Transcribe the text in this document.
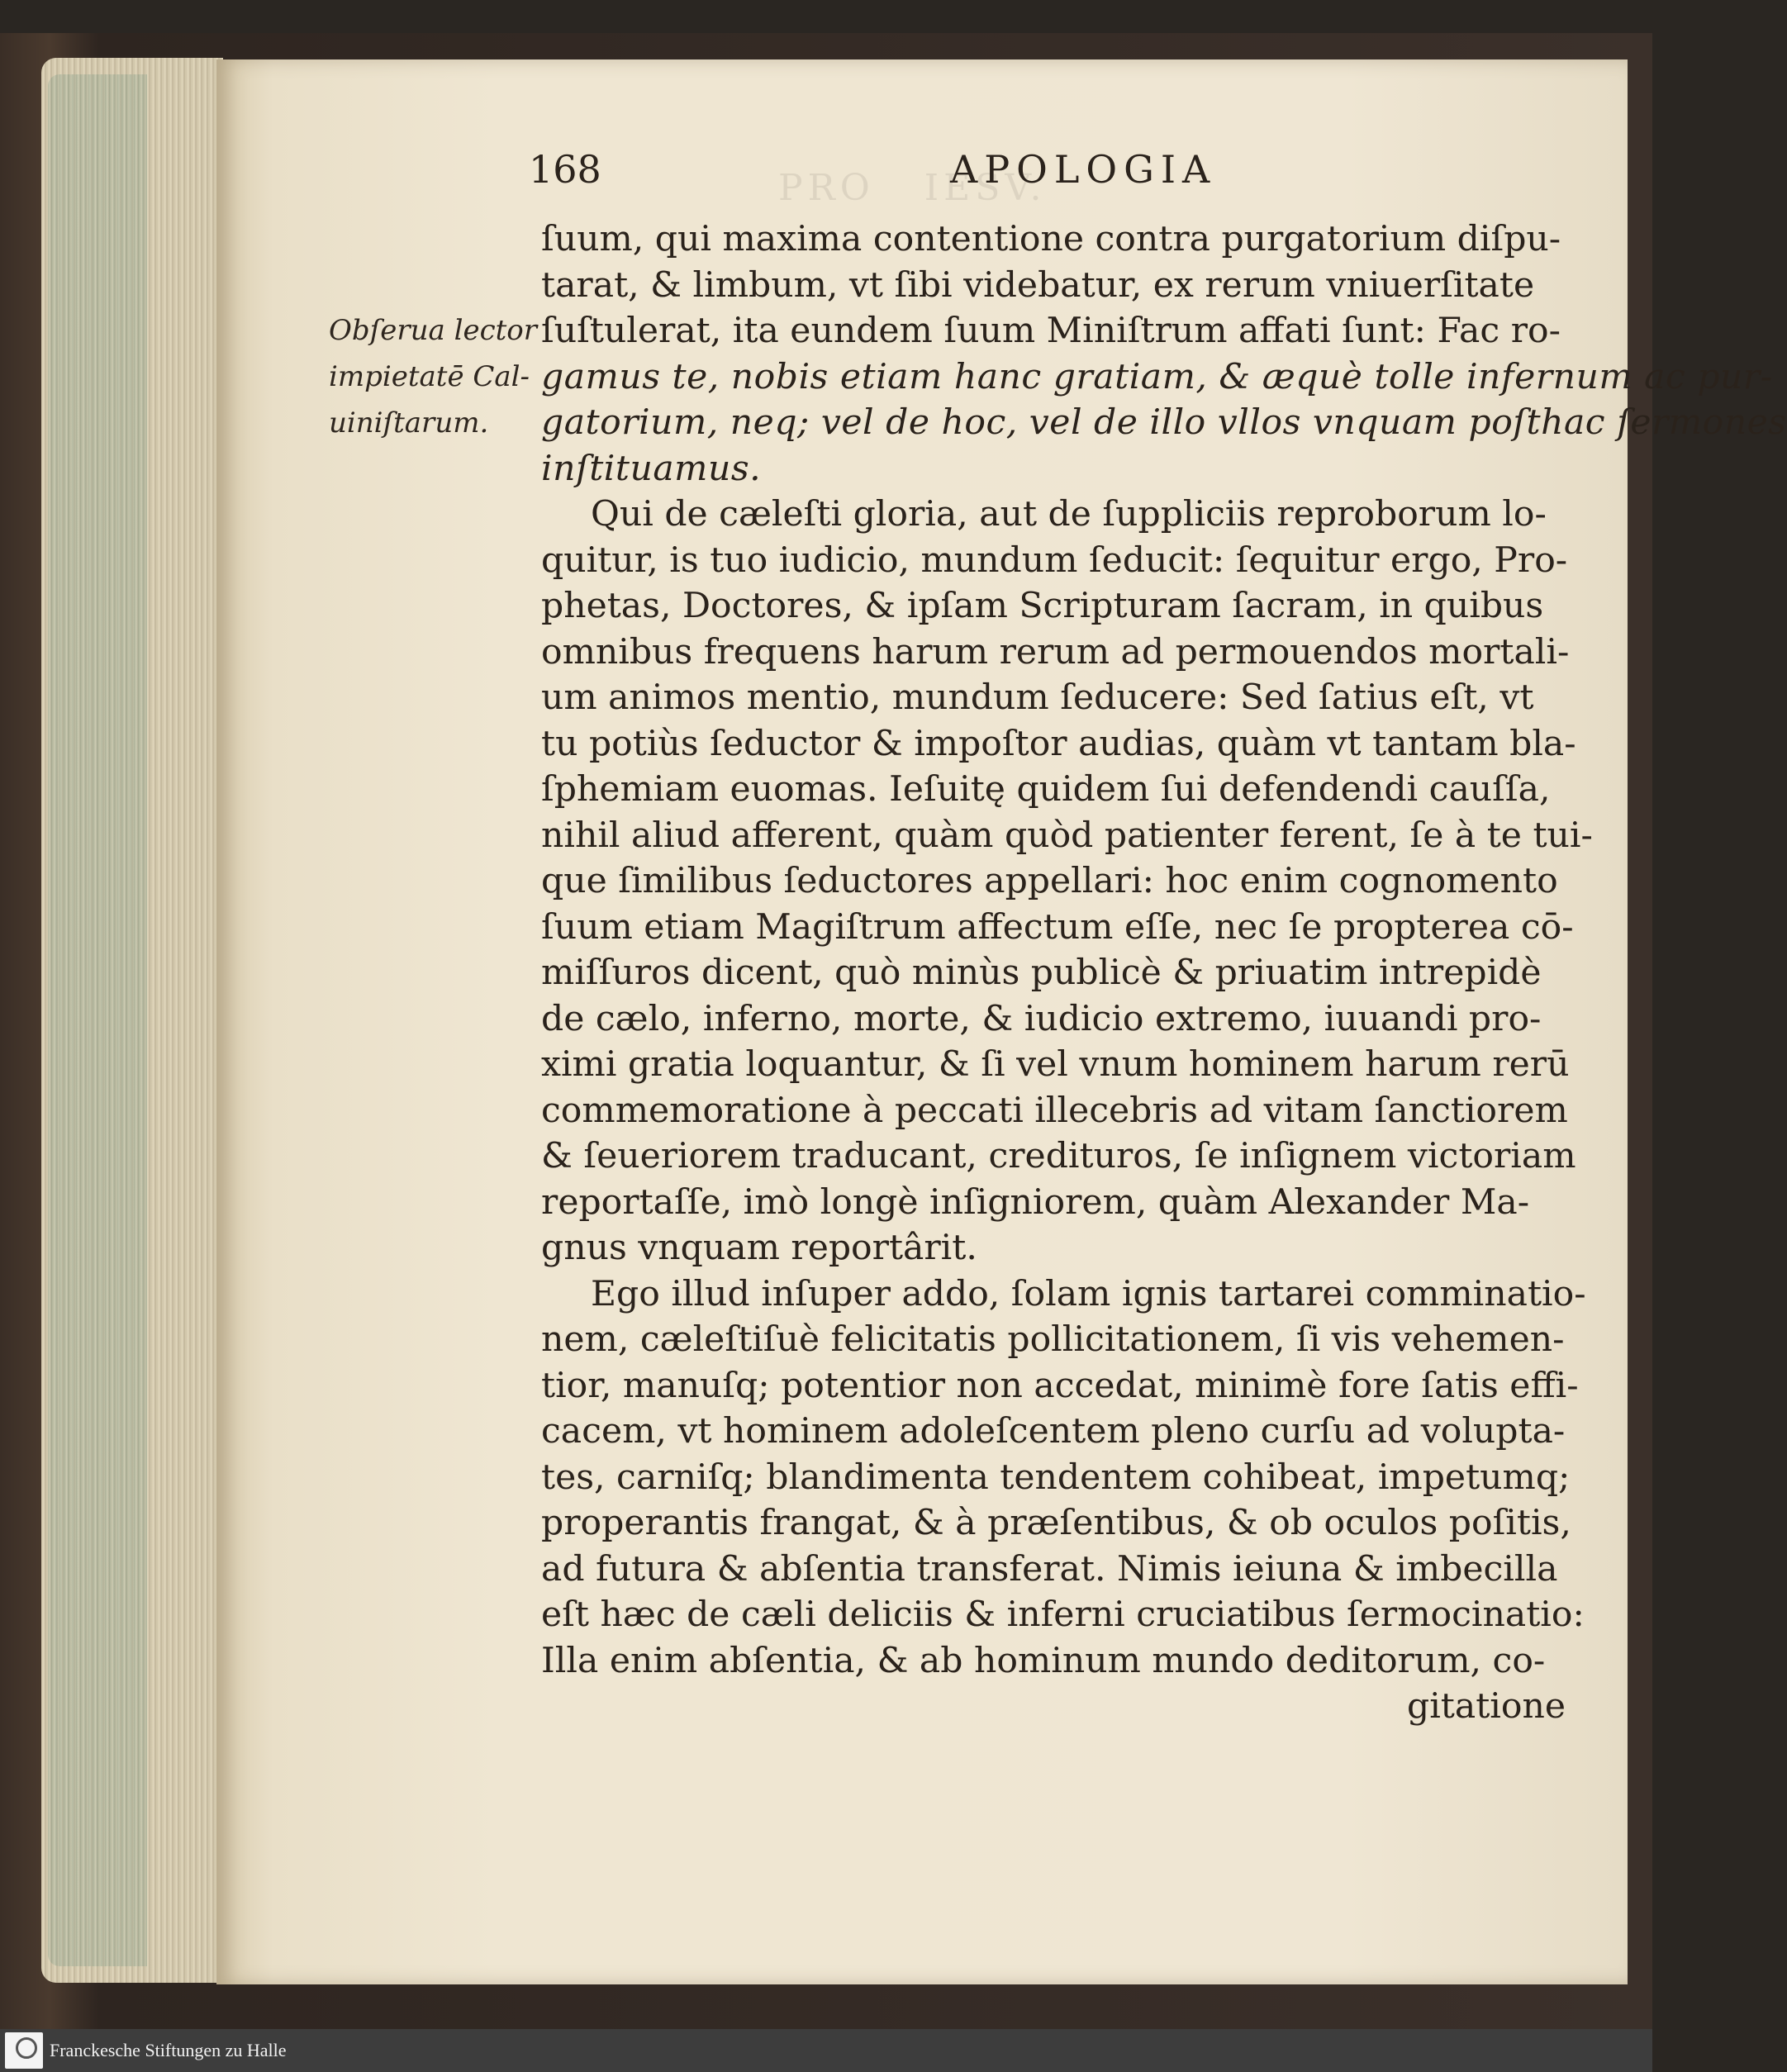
PRO   IESV.
168	APOLOGIA
Obſerua lector
impietatē Cal-
uiniſtarum.
ſuum, qui maxima contentione contra purgatorium diſpu-
tarat, & limbum, vt ſibi videbatur, ex rerum vniuerſitate
ſuſtulerat, ita eundem ſuum Miniſtrum affati ſunt: Fac ro-
gamus te, nobis etiam hanc gratiam, & æquè tolle infernum ac pur-
gatorium, neq; vel de hoc, vel de illo vllos vnquam poſthac ſermones
inſtituamus.
Qui de cæleſti gloria, aut de ſuppliciis reproborum lo-
quitur, is tuo iudicio, mundum ſeducit: ſequitur ergo, Pro-
phetas, Doctores, & ipſam Scripturam ſacram, in quibus
omnibus frequens harum rerum ad permouendos mortali-
um animos mentio, mundum ſeducere: Sed ſatius eſt, vt
tu potiùs ſeductor & impoſtor audias, quàm vt tantam bla-
ſphemiam euomas. Ieſuitę quidem ſui defendendi cauſſa,
nihil aliud afferent, quàm quòd patienter ferent, ſe à te tui-
que ſimilibus ſeductores appellari: hoc enim cognomento
ſuum etiam Magiſtrum affectum eſſe, nec ſe propterea cō-
miſſuros dicent, quò minùs publicè & priuatim intrepidè
de cælo, inferno, morte, & iudicio extremo, iuuandi pro-
ximi gratia loquantur, & ſi vel vnum hominem harum rerū
commemoratione à peccati illecebris ad vitam ſanctiorem
& ſeueriorem traducant, credituros, ſe inſignem victoriam
reportaſſe, imò longè inſigniorem, quàm Alexander Ma-
gnus vnquam reportârit.
Ego illud inſuper addo, ſolam ignis tartarei comminatio-
nem, cæleſtiſuè felicitatis pollicitationem, ſi vis vehemen-
tior, manuſq; potentior non accedat, minimè fore ſatis effi-
cacem, vt hominem adoleſcentem pleno curſu ad volupta-
tes, carniſq; blandimenta tendentem cohibeat, impetumq;
properantis frangat, & à præſentibus, & ob oculos poſitis,
ad futura & abſentia transferat. Nimis ieiuna & imbecilla
eſt hæc de cæli deliciis & inferni cruciatibus ſermocinatio:
Illa enim abſentia, & ab hominum mundo deditorum, co-
gitatione
Franckesche Stiftungen zu Halle
